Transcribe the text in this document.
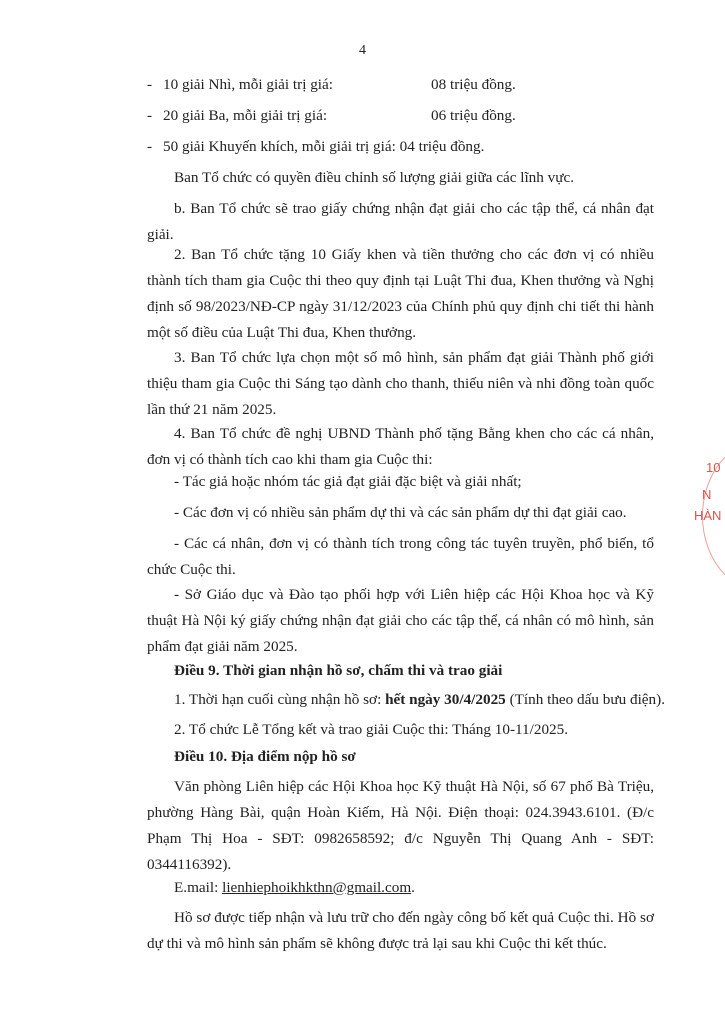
4
- 10 giải Nhì, mỗi giải trị giá:	08 triệu đồng.
- 20 giải Ba, mỗi giải trị giá:	06 triệu đồng.
- 50 giải Khuyến khích, mỗi giải trị giá: 04 triệu đồng.

Ban Tổ chức có quyền điều chỉnh số lượng giải giữa các lĩnh vực.

b. Ban Tổ chức sẽ trao giấy chứng nhận đạt giải cho các tập thể, cá nhân đạt giải.

2. Ban Tổ chức tặng 10 Giấy khen và tiền thưởng cho các đơn vị có nhiều thành tích tham gia Cuộc thi theo quy định tại Luật Thi đua, Khen thưởng và Nghị định số 98/2023/NĐ-CP ngày 31/12/2023 của Chính phủ quy định chi tiết thi hành một số điều của Luật Thi đua, Khen thưởng.

3. Ban Tổ chức lựa chọn một số mô hình, sản phẩm đạt giải Thành phố giới thiệu tham gia Cuộc thi Sáng tạo dành cho thanh, thiếu niên và nhi đồng toàn quốc lần thứ 21 năm 2025.

4. Ban Tổ chức đề nghị UBND Thành phố tặng Bằng khen cho các cá nhân, đơn vị có thành tích cao khi tham gia Cuộc thi:

- Tác giả hoặc nhóm tác giả đạt giải đặc biệt và giải nhất;

- Các đơn vị có nhiều sản phẩm dự thi và các sản phẩm dự thi đạt giải cao.

- Các cá nhân, đơn vị có thành tích trong công tác tuyên truyền, phổ biến, tổ chức Cuộc thi.

- Sở Giáo dục và Đào tạo phối hợp với Liên hiệp các Hội Khoa học và Kỹ thuật Hà Nội ký giấy chứng nhận đạt giải cho các tập thể, cá nhân có mô hình, sản phẩm đạt giải năm 2025.

Điều 9. Thời gian nhận hồ sơ, chấm thi và trao giải

1. Thời hạn cuối cùng nhận hồ sơ: hết ngày 30/4/2025 (Tính theo dấu bưu điện).

2. Tổ chức Lễ Tổng kết và trao giải Cuộc thi: Tháng 10-11/2025.

Điều 10. Địa điểm nộp hồ sơ

Văn phòng Liên hiệp các Hội Khoa học Kỹ thuật Hà Nội, số 67 phố Bà Triệu, phường Hàng Bài, quận Hoàn Kiếm, Hà Nội. Điện thoại: 024.3943.6101. (Đ/c Phạm Thị Hoa - SĐT: 0982658592; đ/c Nguyễn Thị Quang Anh - SĐT: 0344116392).

E.mail: lienhiephoikhkthn@gmail.com.

Hồ sơ được tiếp nhận và lưu trữ cho đến ngày công bố kết quả Cuộc thi. Hồ sơ dự thi và mô hình sản phẩm sẽ không được trả lại sau khi Cuộc thi kết thúc.

10
N
HÀN
